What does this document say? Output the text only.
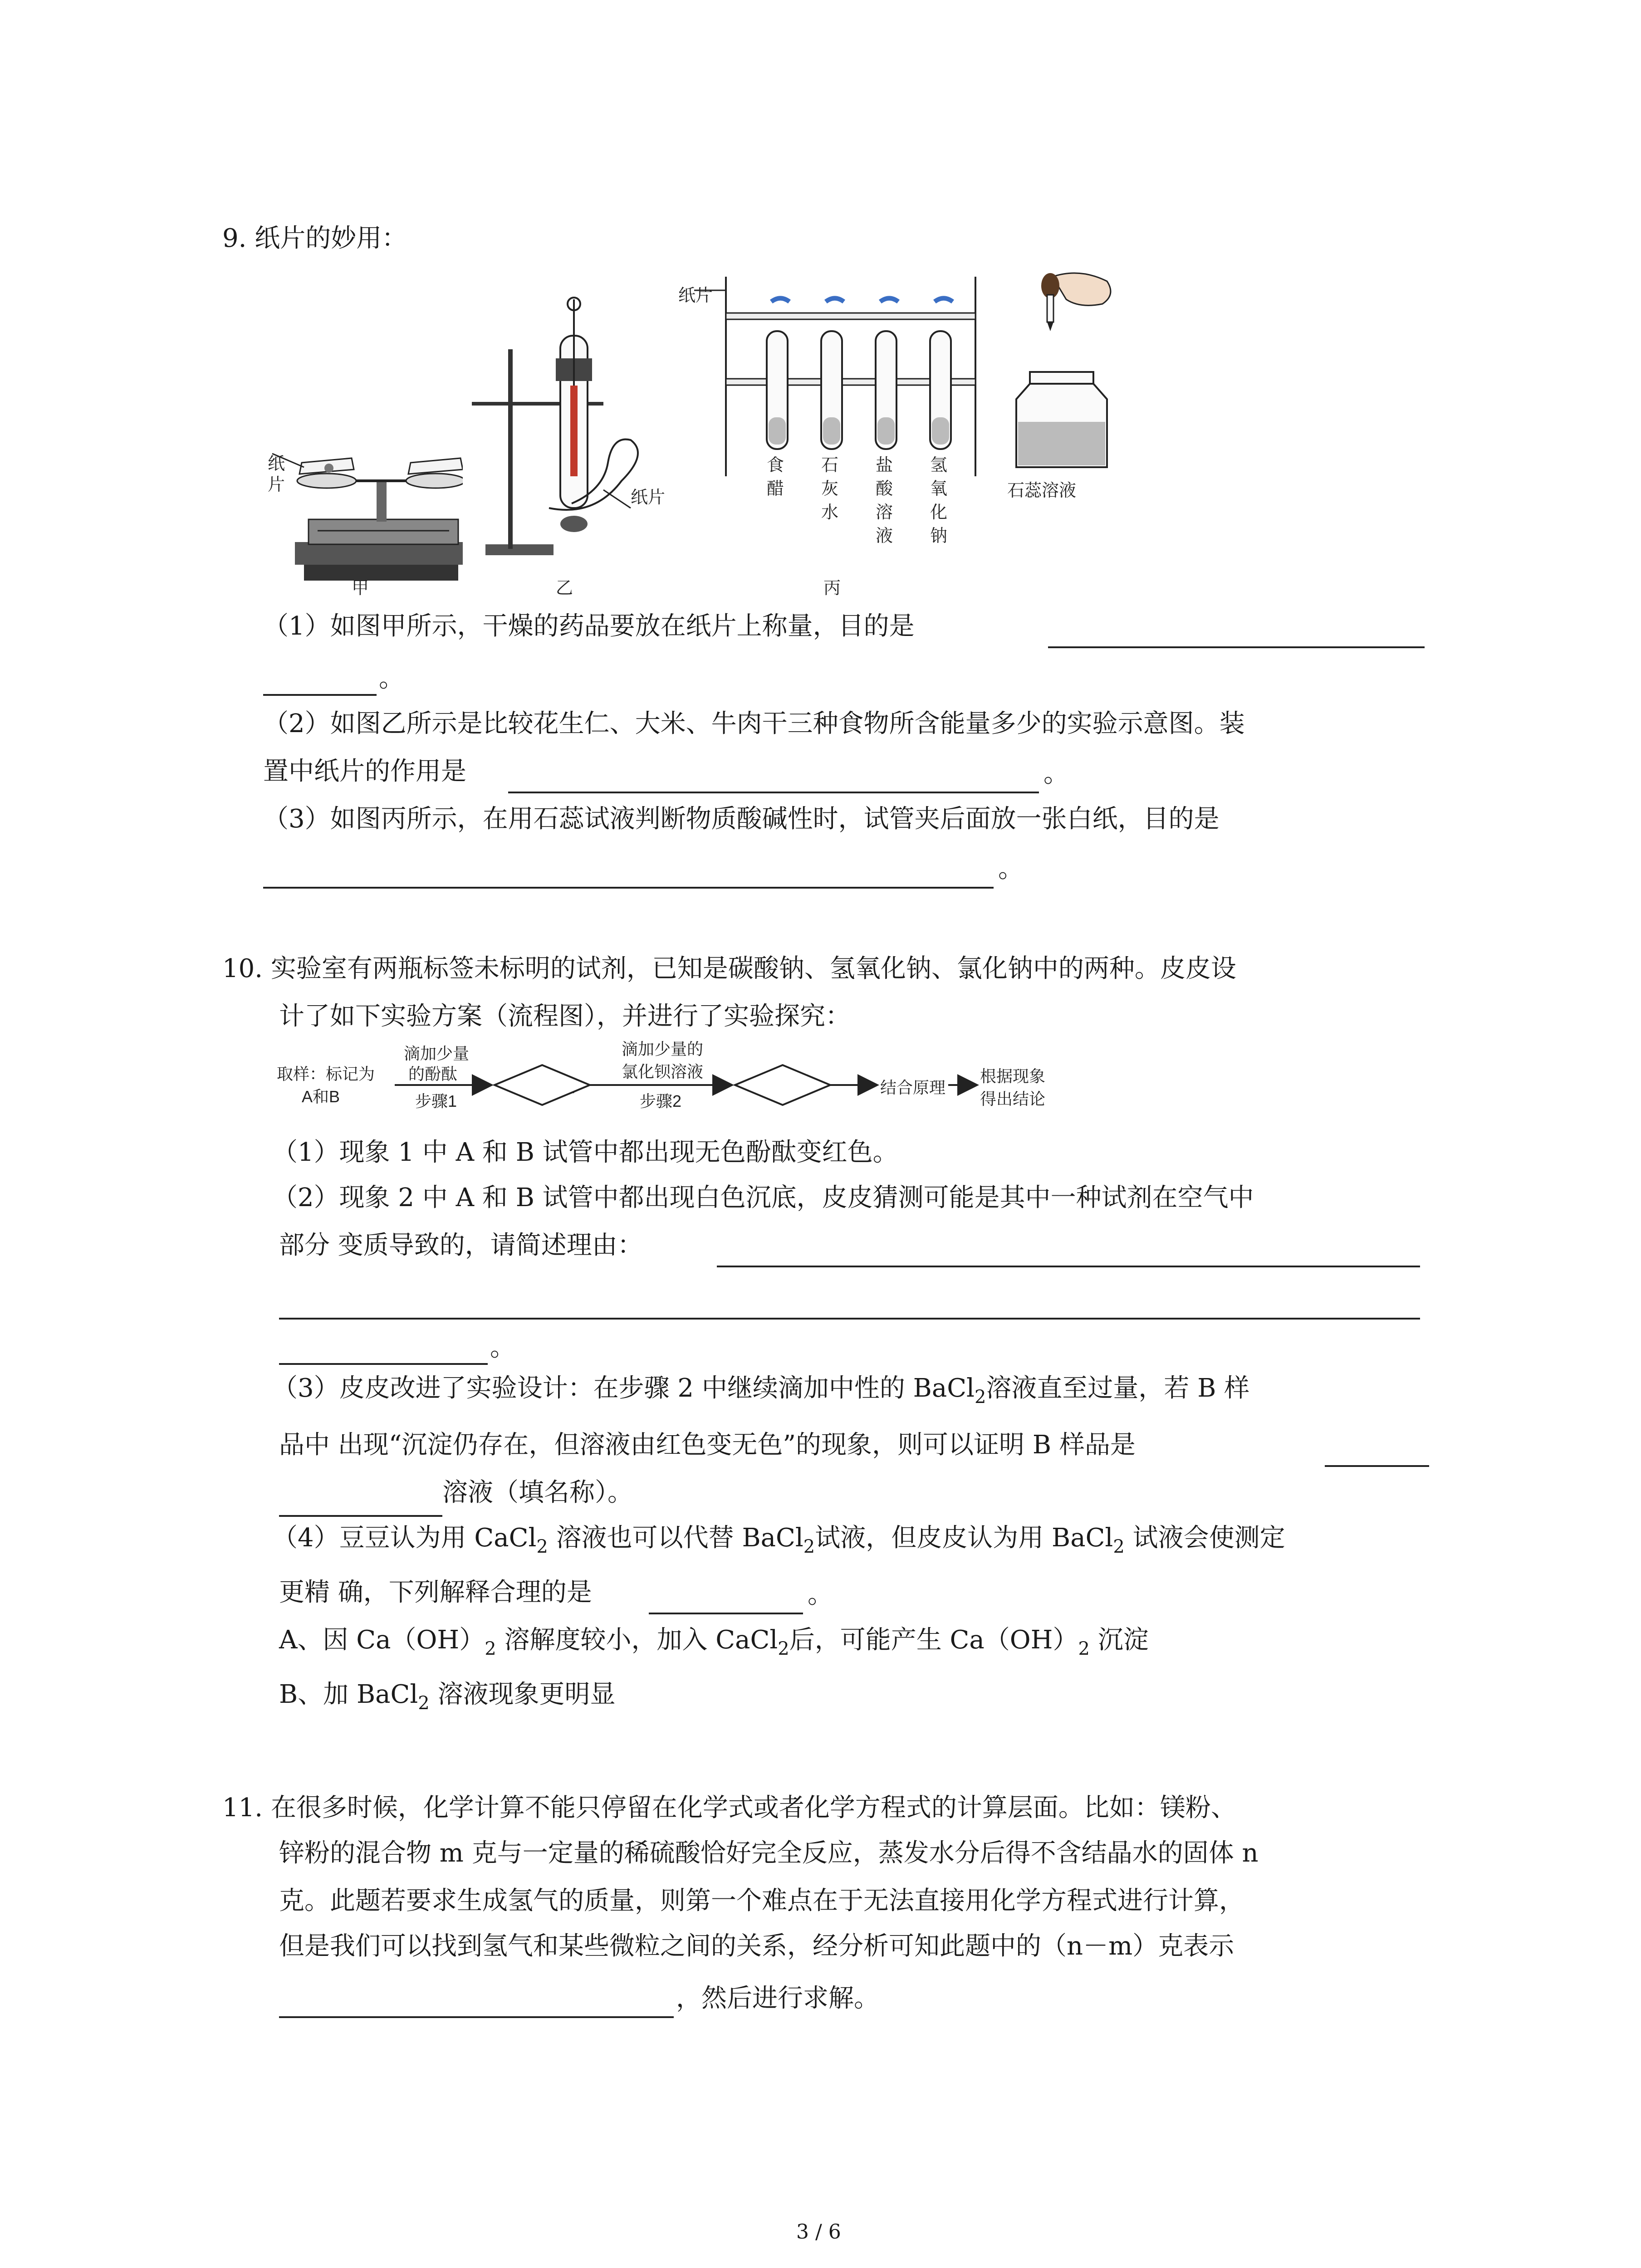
9. 纸片的妙用：
纸片
甲
纸片
乙
纸片
食醋
石灰水
盐酸溶液
氢氧化钠
丙
石蕊溶液
（1）如图甲所示，干燥的药品要放在纸片上称量，目的是
。
（2）如图乙所示是比较花生仁、大米、牛肉干三种食物所含能量多少的实验示意图。装
置中纸片的作用是	。
（3）如图丙所示，在用石蕊试液判断物质酸碱性时，试管夹后面放一张白纸，目的是
。
10. 实验室有两瓶标签未标明的试剂，已知是碳酸钠、氢氧化钠、氯化钠中的两种。皮皮设
计了如下实验方案（流程图），并进行了实验探究：
取样：标记为
A和B
滴加少量
的酚酞
步骤1
滴加少量的
氯化钡溶液
步骤2
结合原理
根据现象
得出结论
（1）现象 1 中 A 和 B 试管中都出现无色酚酞变红色。
（2）现象 2 中 A 和 B 试管中都出现白色沉底，皮皮猜测可能是其中一种试剂在空气中
部分 变质导致的，请简述理由：
。
（3）皮皮改进了实验设计：在步骤 2 中继续滴加中性的 BaCl$_2$溶液直至过量，若 B 样
品中 出现“沉淀仍存在，但溶液由红色变无色”的现象，则可以证明 B 样品是
溶液（填名称）。
（4）豆豆认为用 CaCl$_2$ 溶液也可以代替 BaCl$_2$试液，但皮皮认为用 BaCl$_2$ 试液会使测定
更精 确，下列解释合理的是	。
A、因 $Ca(OH)_2$ 溶解度较小，加入 CaCl$_2$后，可能产生 $Ca(OH)_2$ 沉淀
B、加 BaCl$_2$ 溶液现象更明显
11. 在很多时候，化学计算不能只停留在化学式或者化学方程式的计算层面。比如：镁粉、
锌粉的混合物 m 克与一定量的稀硫酸恰好完全反应，蒸发水分后得不含结晶水的固体 n
克。此题若要求生成氢气的质量，则第一个难点在于无法直接用化学方程式进行计算，
但是我们可以找到氢气和某些微粒之间的关系，经分析可知此题中的（n－m）克表示
，然后进行求解。
3 / 6
